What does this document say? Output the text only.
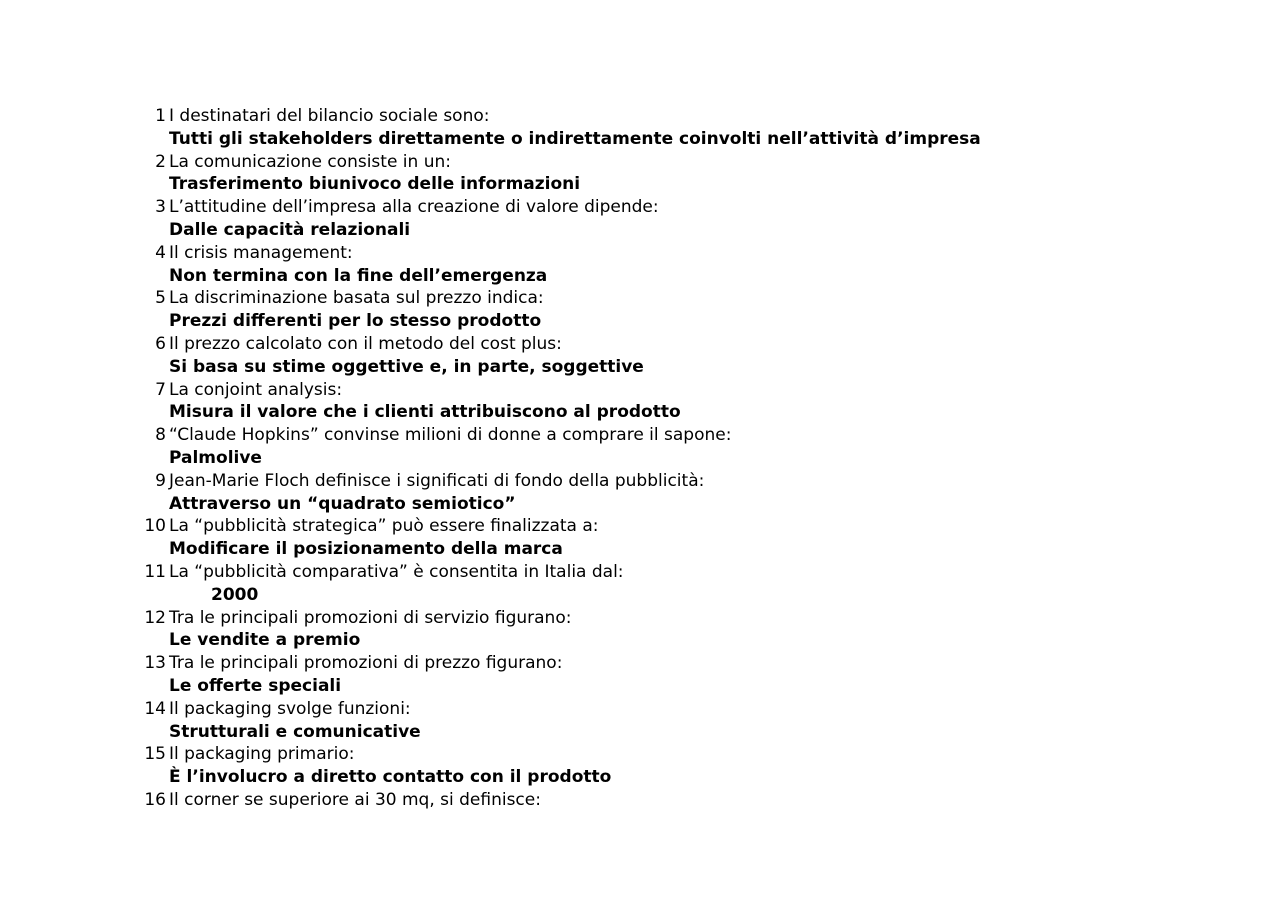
1 I destinatari del bilancio sociale sono:
Tutti gli stakeholders direttamente o indirettamente coinvolti nell’attività d’impresa
2 La comunicazione consiste in un:
Trasferimento biunivoco delle informazioni
3 L’attitudine dell’impresa alla creazione di valore dipende:
Dalle capacità relazionali
4 Il crisis management:
Non termina con la fine dell’emergenza
5 La discriminazione basata sul prezzo indica:
Prezzi differenti per lo stesso prodotto
6 Il prezzo calcolato con il metodo del cost plus:
Si basa su stime oggettive e, in parte, soggettive
7 La conjoint analysis:
Misura il valore che i clienti attribuiscono al prodotto
8 “Claude Hopkins” convinse milioni di donne a comprare il sapone:
Palmolive
9 Jean-Marie Floch definisce i significati di fondo della pubblicità:
Attraverso un “quadrato semiotico”
10 La “pubblicità strategica” può essere finalizzata a:
Modificare il posizionamento della marca
11 La “pubblicità comparativa” è consentita in Italia dal:
2000
12 Tra le principali promozioni di servizio figurano:
Le vendite a premio
13 Tra le principali promozioni di prezzo figurano:
Le offerte speciali
14 Il packaging svolge funzioni:
Strutturali e comunicative
15 Il packaging primario:
È l’involucro a diretto contatto con il prodotto
16 Il corner se superiore ai 30 mq, si definisce:
